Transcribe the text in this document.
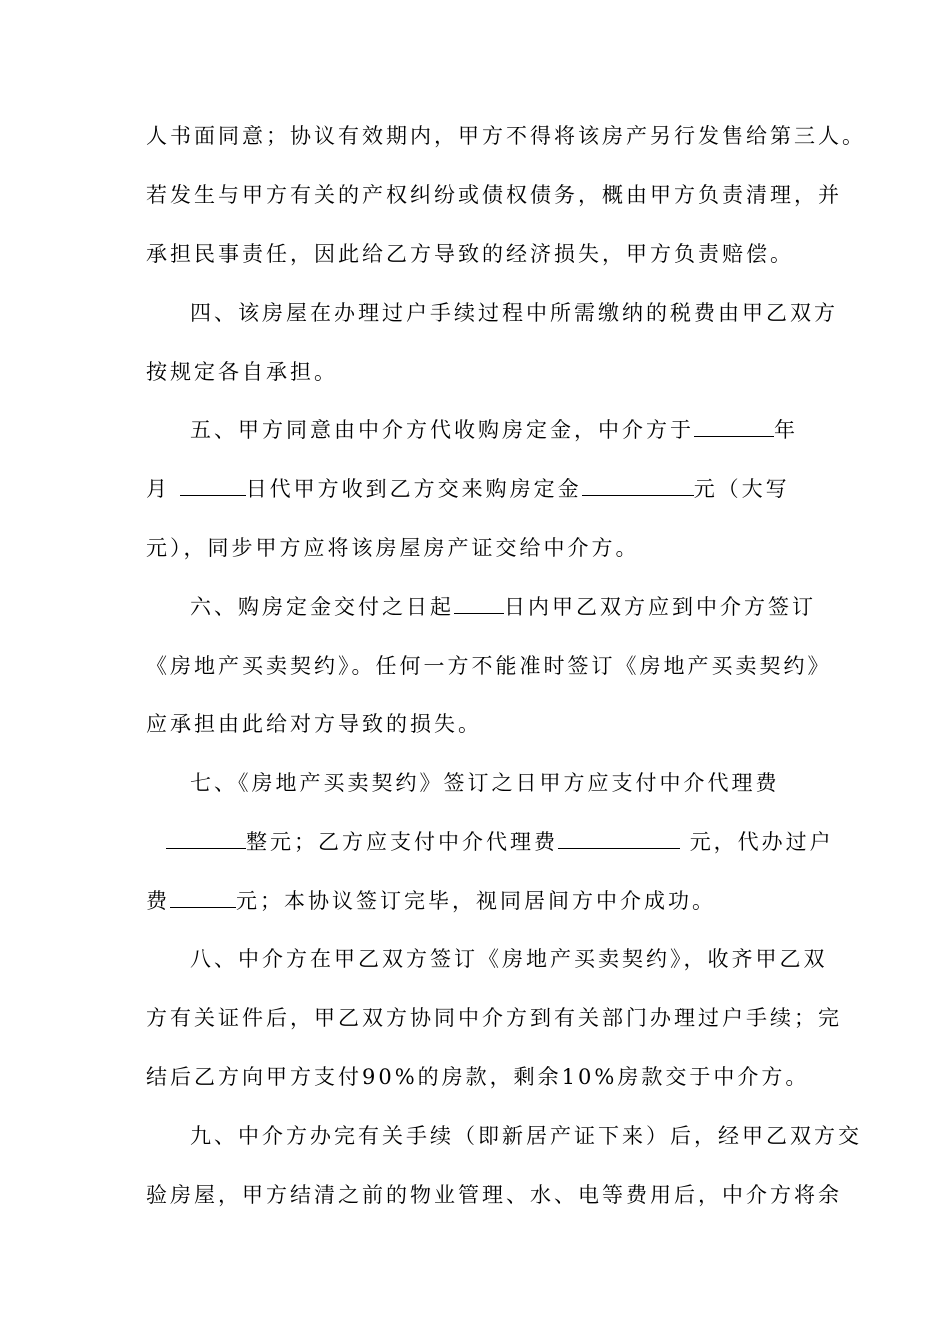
人书面同意；协议有效期内，甲方不得将该房产另行发售给第三人。
若发生与甲方有关的产权纠纷或债权债务，概由甲方负责清理，并
承担民事责任，因此给乙方导致的经济损失，甲方负责赔偿。
四、该房屋在办理过户手续过程中所需缴纳的税费由甲乙双方
按规定各自承担。
五、甲方同意由中介方代收购房定金，中介方于	年
月	日代甲方收到乙方交来购房定金	元（大写
元），同步甲方应将该房屋房产证交给中介方。
六、购房定金交付之日起 日内甲乙双方应到中介方签订
《房地产买卖契约》。任何一方不能准时签订《房地产买卖契约》
应承担由此给对方导致的损失。
七、《房地产买卖契约》签订之日甲方应支付中介代理费
整元；乙方应支付中介代理费	元，代办过户
费	元；本协议签订完毕，视同居间方中介成功。
八、中介方在甲乙双方签订《房地产买卖契约》，收齐甲乙双
方有关证件后，甲乙双方协同中介方到有关部门办理过户手续；完
结后乙方向甲方支付90%的房款，剩余10%房款交于中介方。
九、中介方办完有关手续（即新居产证下来）后，经甲乙双方交
验房屋，甲方结清之前的物业管理、水、电等费用后，中介方将余
